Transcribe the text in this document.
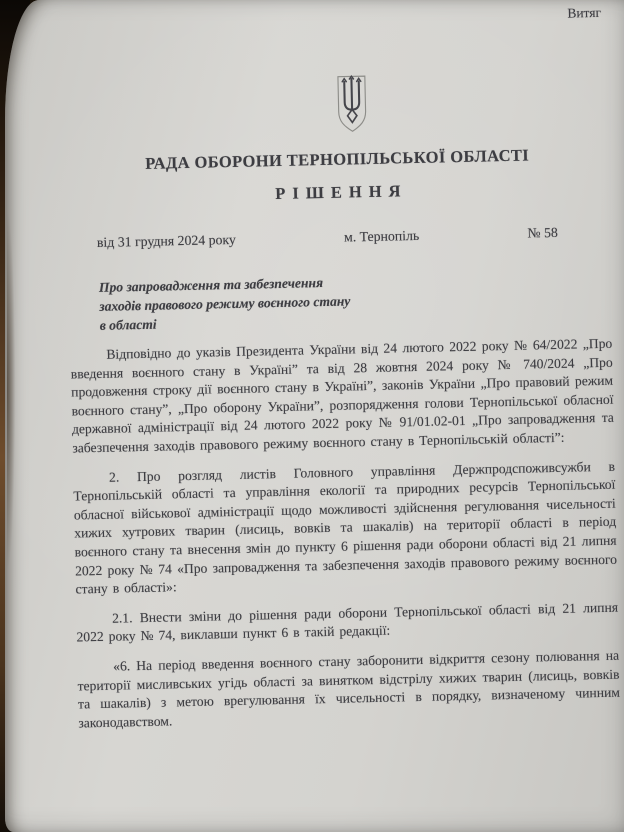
Витяг
РАДА ОБОРОНИ ТЕРНОПІЛЬСЬКОЇ ОБЛАСТІ
РІШЕННЯ
від 31 грудня 2024 року	м. Тернопіль	№ 58
Про запровадження та забезпечення
заходів правового режиму воєнного стану
в області

Відповідно до указів Президента України від 24 лютого 2022 року № 64/2022 „Про введення воєнного стану в Україні” та від 28 жовтня 2024 року № 740/2024 „Про продовження строку дії воєнного стану в Україні”, законів України „Про правовий режим воєнного стану”, „Про оборону України”, розпорядження голови Тернопільської обласної державної адміністрації від 24 лютого 2022 року № 91/01.02-01 „Про запровадження та забезпечення заходів правового режиму воєнного стану в Тернопільській області”:

2. Про розгляд листів Головного управління Держпродспоживсужби в Тернопільській області та управління екології та природних ресурсів Тернопільської обласної військової адміністрації щодо можливості здійснення регулювання чисельності хижих хутрових тварин (лисиць, вовків та шакалів) на території області в період воєнного стану та внесення змін до пункту 6 рішення ради оборони області від 21 липня 2022 року № 74 «Про запровадження та забезпечення заходів правового режиму воєнного стану в області»:

2.1. Внести зміни до рішення ради оборони Тернопільської області від 21 липня 2022 року № 74, виклавши пункт 6 в такій редакції:

«6. На період введення воєнного стану заборонити відкриття сезону полювання на території мисливських угідь області за винятком відстрілу хижих тварин (лисиць, вовків та шакалів) з метою врегулювання їх чисельності в порядку, визначеному чинним законодавством.
